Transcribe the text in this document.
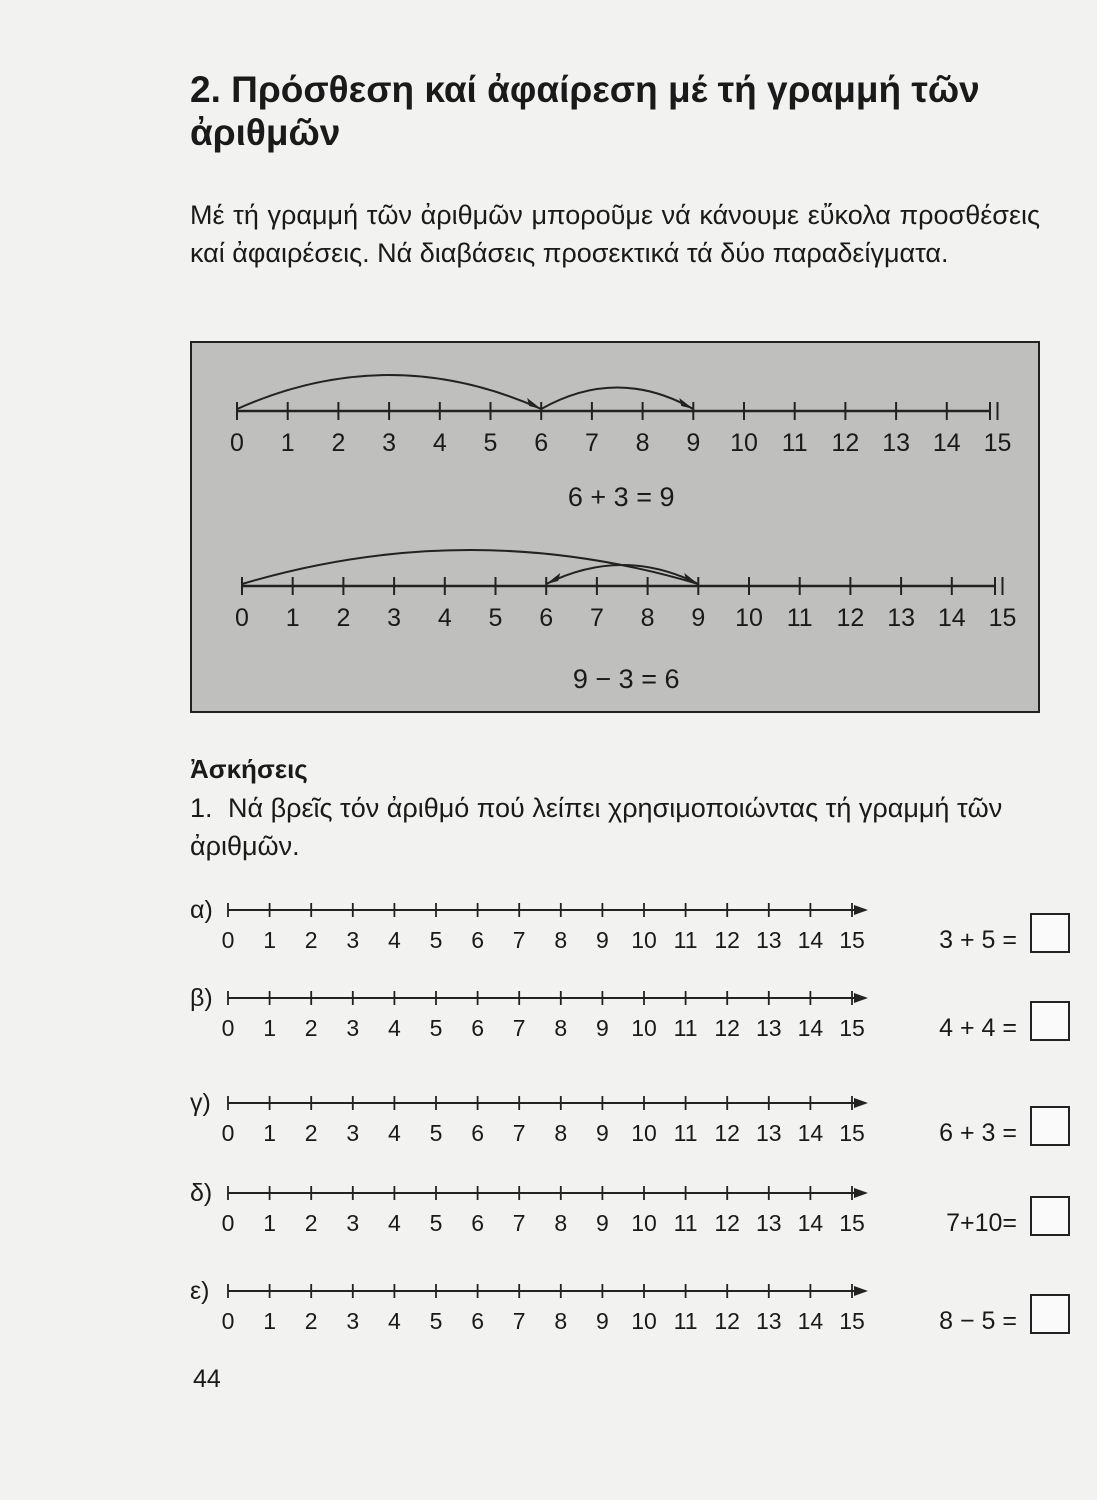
2. Πρόσθεση καί ἀφαίρεση μέ τή γραμμή τῶν ἀριθμῶν

Μέ τή γραμμή τῶν ἀριθμῶν μποροῦμε νά κάνουμε εὔκολα προσθέσεις καί ἀφαιρέσεις. Νά διαβάσεις προσεκτικά τά δύο παραδείγματα.

0 1 2 3 4 5 6 7 8 9 10 11 12 13 14 15
6 + 3 = 9
0 1 2 3 4 5 6 7 8 9 10 11 12 13 14 15
9 − 3 = 6

Ἀσκήσεις

1. Νά βρεῖς τόν ἀριθμό πού λείπει χρησιμοποιώντας τή γραμμή τῶν ἀριθμῶν.

α)
0 1 2 3 4 5 6 7 8 9 10 11 12 13 14 15	3 + 5 =
β)
0 1 2 3 4 5 6 7 8 9 10 11 12 13 14 15	4 + 4 =
γ)
0 1 2 3 4 5 6 7 8 9 10 11 12 13 14 15	6 + 3 =
δ)
0 1 2 3 4 5 6 7 8 9 10 11 12 13 14 15	7+10=
ε)
0 1 2 3 4 5 6 7 8 9 10 11 12 13 14 15	8 − 5 =

44
